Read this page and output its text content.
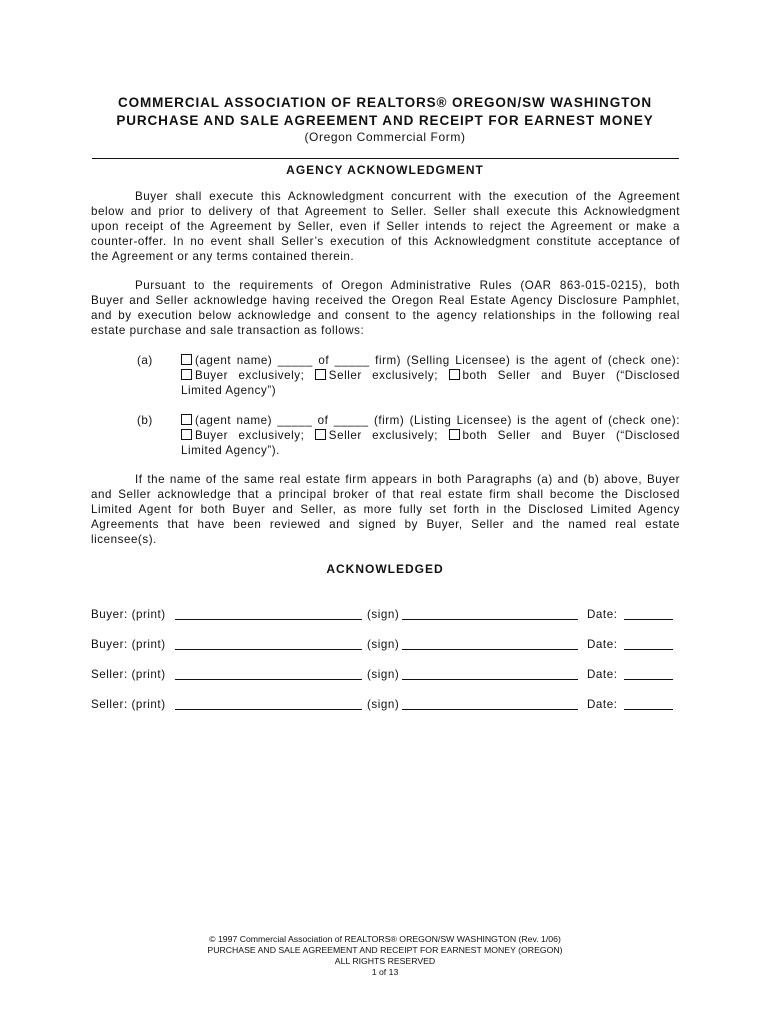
COMMERCIAL ASSOCIATION OF REALTORS® OREGON/SW WASHINGTON
PURCHASE AND SALE AGREEMENT AND RECEIPT FOR EARNEST MONEY
(Oregon Commercial Form)
AGENCY ACKNOWLEDGMENT
Buyer shall execute this Acknowledgment concurrent with the execution of the Agreement
below and prior to delivery of that Agreement to Seller. Seller shall execute this Acknowledgment
upon receipt of the Agreement by Seller, even if Seller intends to reject the Agreement or make a
counter-offer. In no event shall Seller’s execution of this Acknowledgment constitute acceptance of
the Agreement or any terms contained therein.
Pursuant to the requirements of Oregon Administrative Rules (OAR 863-015-0215), both
Buyer and Seller acknowledge having received the Oregon Real Estate Agency Disclosure Pamphlet,
and by execution below acknowledge and consent to the agency relationships in the following real
estate purchase and sale transaction as follows:
(a)	(agent name) _____ of _____ firm) (Selling Licensee) is the agent of (check one):
Buyer exclusively; Seller exclusively; both Seller and Buyer (“Disclosed
Limited Agency”)
(b)	(agent name) _____ of _____ (firm) (Listing Licensee) is the agent of (check one):
Buyer exclusively; Seller exclusively; both Seller and Buyer (“Disclosed
Limited Agency”).
If the name of the same real estate firm appears in both Paragraphs (a) and (b) above, Buyer
and Seller acknowledge that a principal broker of that real estate firm shall become the Disclosed
Limited Agent for both Buyer and Seller, as more fully set forth in the Disclosed Limited Agency
Agreements that have been reviewed and signed by Buyer, Seller and the named real estate
licensee(s).
ACKNOWLEDGED
Buyer: (print)	(sign)	Date:
Buyer: (print)	(sign)	Date:
Seller: (print)	(sign)	Date:
Seller: (print)	(sign)	Date:
© 1997 Commercial Association of REALTORS® OREGON/SW WASHINGTON (Rev. 1/06)
PURCHASE AND SALE AGREEMENT AND RECEIPT FOR EARNEST MONEY (OREGON)
ALL RIGHTS RESERVED
1 of 13
